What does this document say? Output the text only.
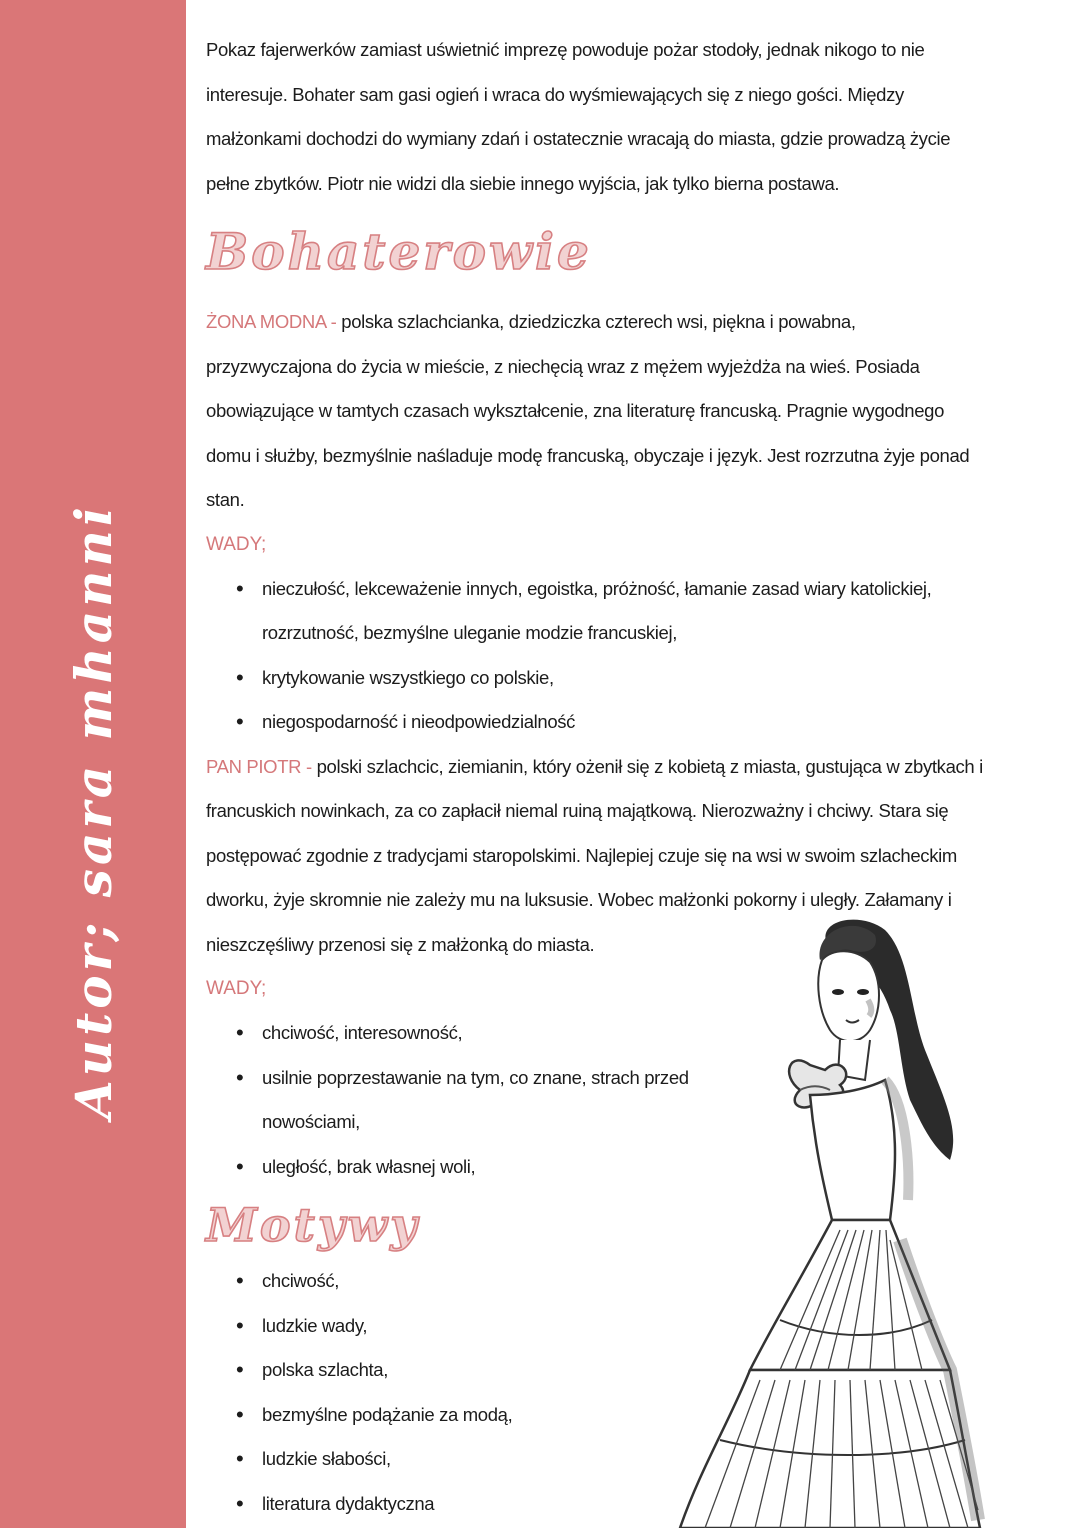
Autor; sara mhanni

Pokaz fajerwerków zamiast uświetnić imprezę powoduje pożar stodoły, jednak nikogo to nie interesuje. Bohater sam gasi ogień i wraca do wyśmiewających się z niego gości. Między małżonkami dochodzi do wymiany zdań i ostatecznie wracają do miasta, gdzie prowadzą życie pełne zbytków. Piotr nie widzi dla siebie innego wyjścia, jak tylko bierna postawa.

Bohaterowie

ŻONA MODNA - polska szlachcianka, dziedziczka czterech wsi, piękna i powabna, przyzwyczajona do życia w mieście, z niechęcią wraz z mężem wyjeżdża na wieś. Posiada obowiązujące w tamtych czasach wykształcenie, zna literaturę francuską. Pragnie wygodnego domu i służby, bezmyślnie naśladuje modę francuską, obyczaje i język. Jest rozrzutna żyje ponad stan.

WADY;

• nieczułość, lekceważenie innych, egoistka, próżność, łamanie zasad wiary katolickiej, rozrzutność, bezmyślne uleganie modzie francuskiej,
• krytykowanie wszystkiego co polskie,
• niegospodarność i nieodpowiedzialność

PAN PIOTR - polski szlachcic, ziemianin, który ożenił się z kobietą z miasta, gustująca w zbytkach i francuskich nowinkach, za co zapłacił niemal ruiną majątkową. Nierozważny i chciwy. Stara się postępować zgodnie z tradycjami staropolskimi. Najlepiej czuje się na wsi w swoim szlacheckim dworku, żyje skromnie nie zależy mu na luksusie. Wobec małżonki pokorny i uległy. Załamany i nieszczęśliwy przenosi się z małżonką do miasta.

WADY;

• chciwość, interesowność,
• usilnie poprzestawanie na tym, co znane, strach przed nowościami,
• uległość, brak własnej woli,
Motywy
• chciwość,
• ludzkie wady,
• polska szlachta,
• bezmyślne podążanie za modą,
• ludzkie słabości,
• literatura dydaktyczna
